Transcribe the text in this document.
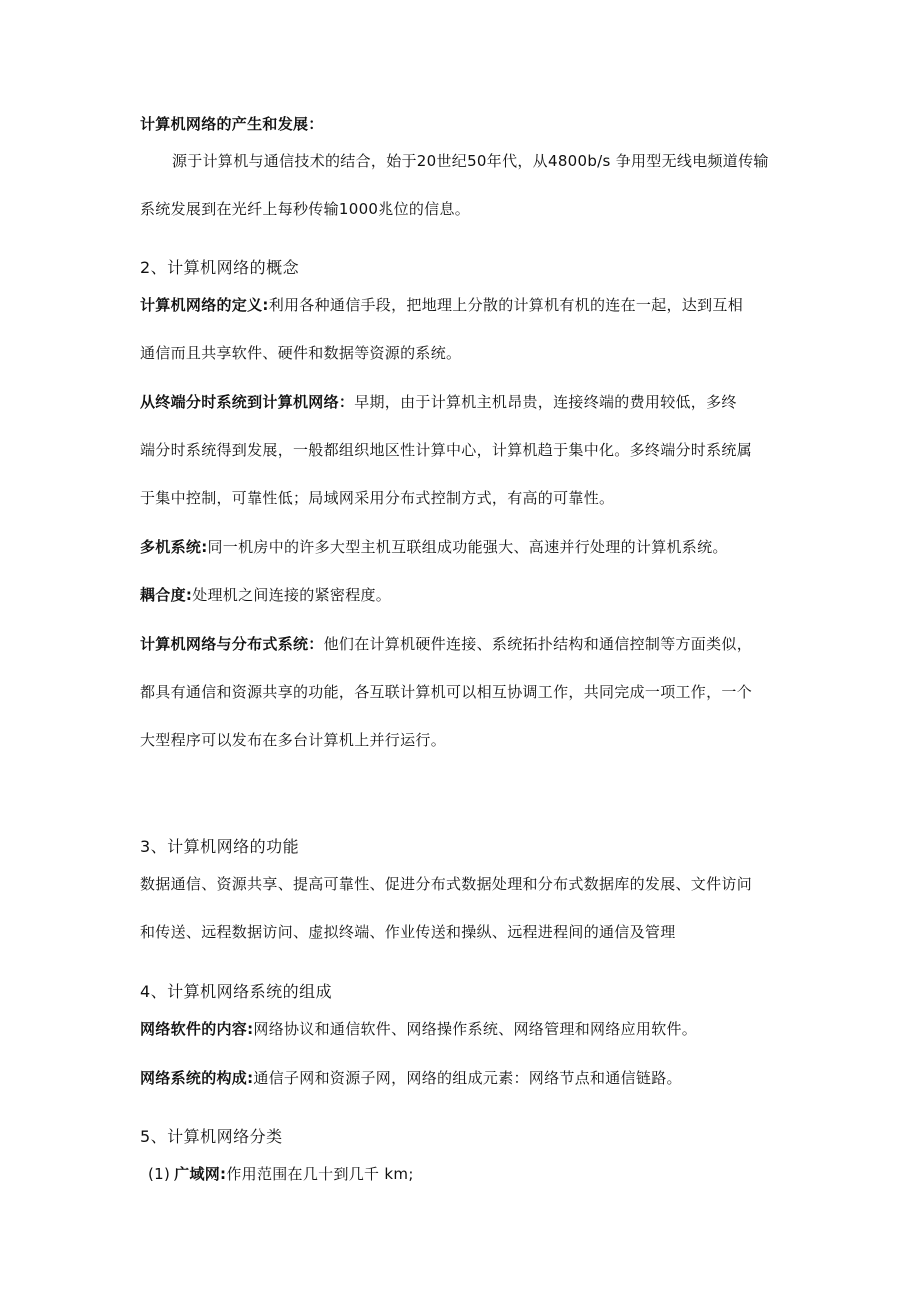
计算机网络的产生和发展：
源于计算机与通信技术的结合，始于20世纪50年代，从4800b/s 争用型无线电频道传输
系统发展到在光纤上每秒传输1000兆位的信息。
2、计算机网络的概念
计算机网络的定义:利用各种通信手段，把地理上分散的计算机有机的连在一起，达到互相
通信而且共享软件、硬件和数据等资源的系统。
从终端分时系统到计算机网络：早期，由于计算机主机昂贵，连接终端的费用较低，多终
端分时系统得到发展，一般都组织地区性计算中心，计算机趋于集中化。多终端分时系统属
于集中控制，可靠性低；局域网采用分布式控制方式，有高的可靠性。
多机系统:同一机房中的许多大型主机互联组成功能强大、高速并行处理的计算机系统。
耦合度:处理机之间连接的紧密程度。
计算机网络与分布式系统：他们在计算机硬件连接、系统拓扑结构和通信控制等方面类似，
都具有通信和资源共享的功能，各互联计算机可以相互协调工作，共同完成一项工作，一个
大型程序可以发布在多台计算机上并行运行。
3、计算机网络的功能
数据通信、资源共享、提高可靠性、促进分布式数据处理和分布式数据库的发展、文件访问
和传送、远程数据访问、虚拟终端、作业传送和操纵、远程进程间的通信及管理
4、计算机网络系统的组成
网络软件的内容:网络协议和通信软件、网络操作系统、网络管理和网络应用软件。
网络系统的构成:通信子网和资源子网，网络的组成元素：网络节点和通信链路。
5、计算机网络分类
(1) 广域网:作用范围在几十到几千 km;
